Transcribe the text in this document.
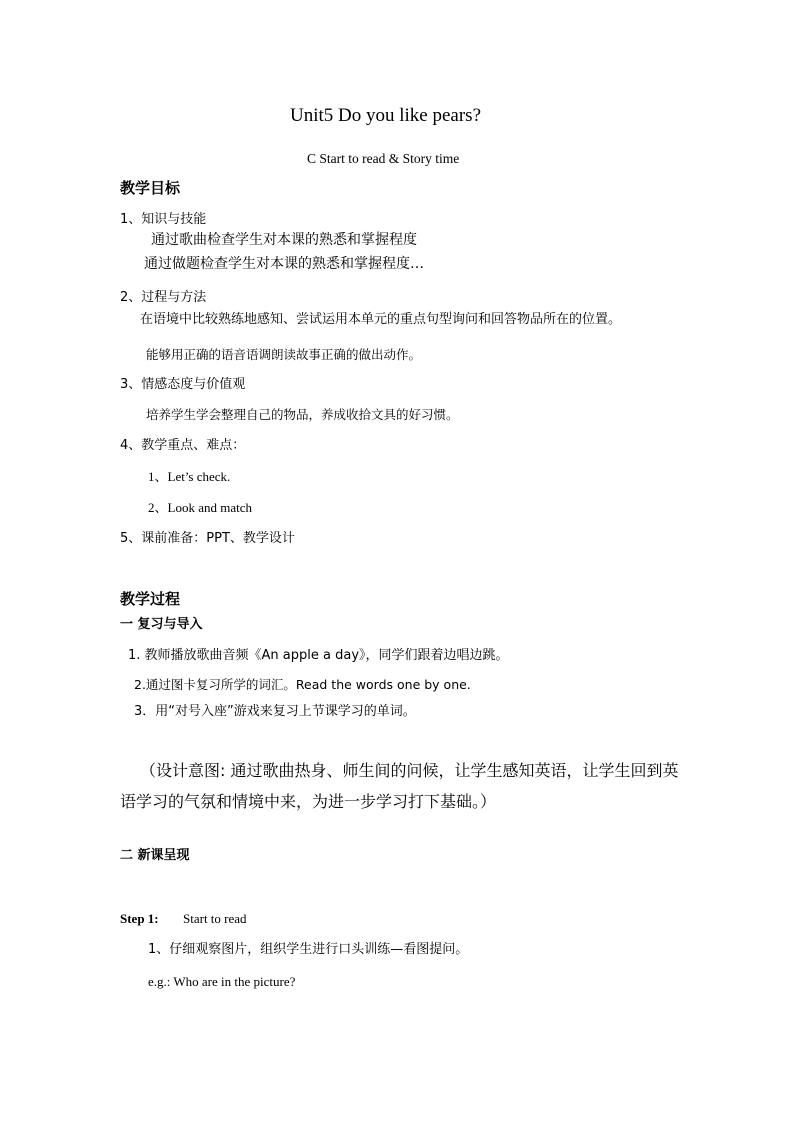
Unit5 Do you like pears?
C Start to read & Story time
教学目标
1、知识与技能
通过歌曲检查学生对本课的熟悉和掌握程度
通过做题检查学生对本课的熟悉和掌握程度…
2、过程与方法
在语境中比较熟练地感知、尝试运用本单元的重点句型询问和回答物品所在的位置。
能够用正确的语音语调朗读故事正确的做出动作。
3、情感态度与价值观
培养学生学会整理自己的物品，养成收拾文具的好习惯。
4、教学重点、难点：
1、Let’s check.
2、Look and match
5、课前准备：PPT、教学设计
教学过程
一 复习与导入
1. 教师播放歌曲音频《An apple a day》，同学们跟着边唱边跳。
2.通过图卡复习所学的词汇。Read the words one by one.
3．用“对号入座”游戏来复习上节课学习的单词。
（设计意图: 通过歌曲热身、师生间的问候，让学生感知英语，让学生回到英
语学习的气氛和情境中来，为进一步学习打下基础。）
二 新课呈现
Step 1: Start to read
1、仔细观察图片，组织学生进行口头训练—看图提问。
e.g.: Who are in the picture?
